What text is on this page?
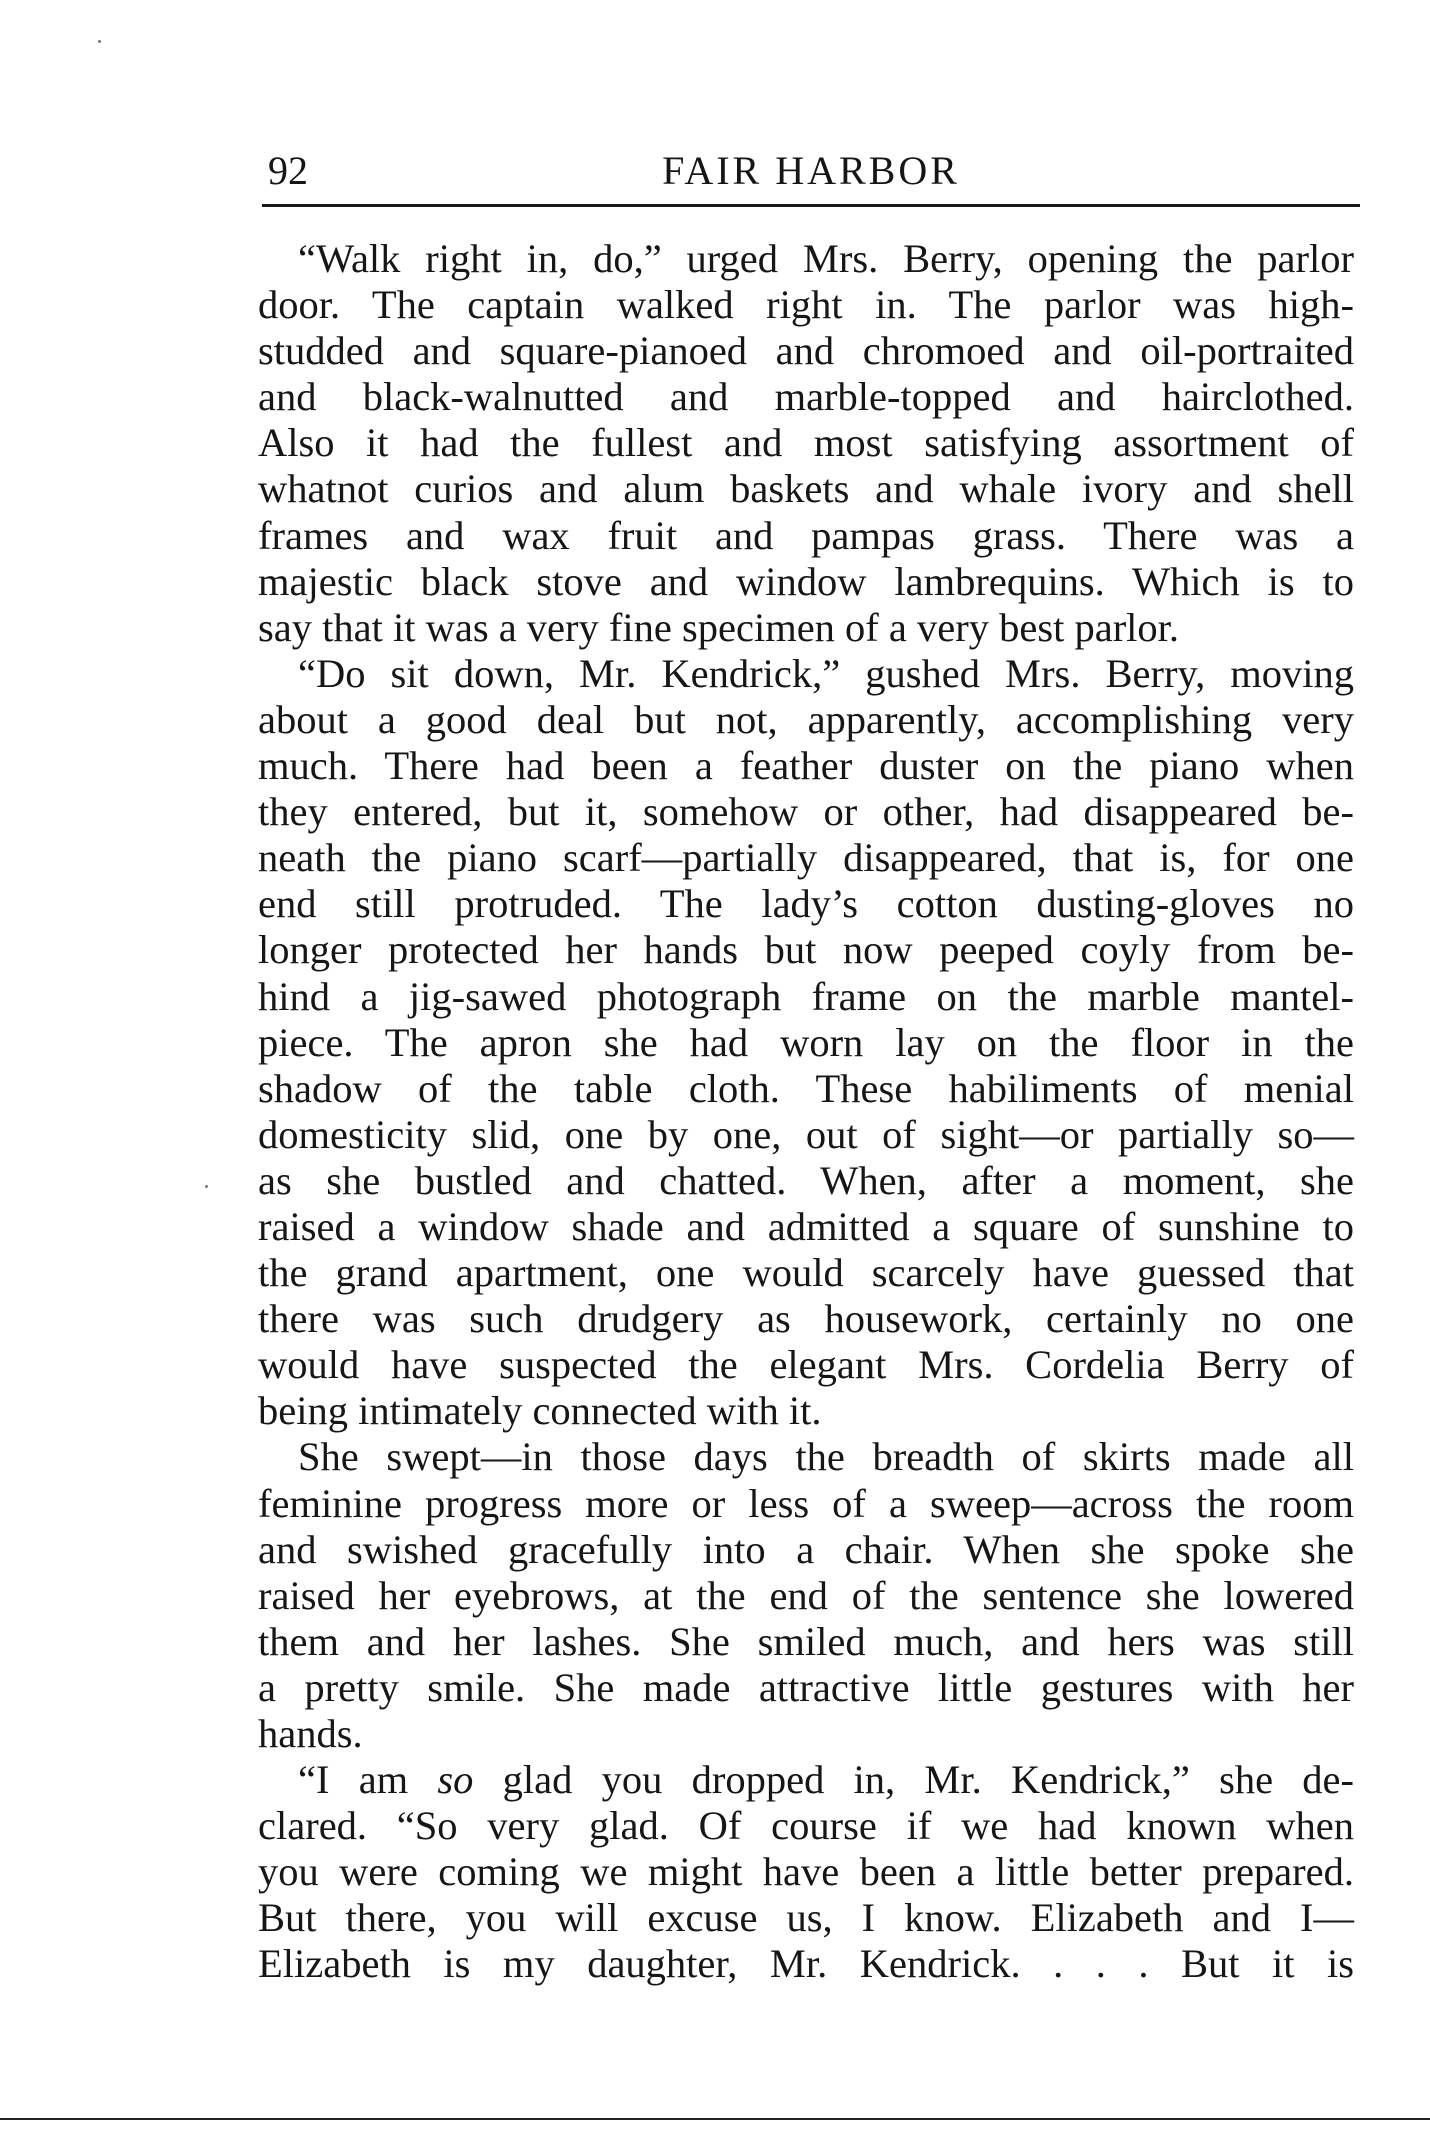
92	FAIR HARBOR
“Walk right in, do,” urged Mrs. Berry, opening the parlor
door. The captain walked right in. The parlor was high-
studded and square-pianoed and chromoed and oil-portraited
and black-walnutted and marble-topped and hairclothed.
Also it had the fullest and most satisfying assortment of
whatnot curios and alum baskets and whale ivory and shell
frames and wax fruit and pampas grass. There was a
majestic black stove and window lambrequins. Which is to
say that it was a very fine specimen of a very best parlor.
“Do sit down, Mr. Kendrick,” gushed Mrs. Berry, moving
about a good deal but not, apparently, accomplishing very
much. There had been a feather duster on the piano when
they entered, but it, somehow or other, had disappeared be-
neath the piano scarf—partially disappeared, that is, for one
end still protruded. The lady’s cotton dusting-gloves no
longer protected her hands but now peeped coyly from be-
hind a jig-sawed photograph frame on the marble mantel-
piece. The apron she had worn lay on the floor in the
shadow of the table cloth. These habiliments of menial
domesticity slid, one by one, out of sight—or partially so—
as she bustled and chatted. When, after a moment, she
raised a window shade and admitted a square of sunshine to
the grand apartment, one would scarcely have guessed that
there was such drudgery as housework, certainly no one
would have suspected the elegant Mrs. Cordelia Berry of
being intimately connected with it.
She swept—in those days the breadth of skirts made all
feminine progress more or less of a sweep—across the room
and swished gracefully into a chair. When she spoke she
raised her eyebrows, at the end of the sentence she lowered
them and her lashes. She smiled much, and hers was still
a pretty smile. She made attractive little gestures with her
hands.
“I am so glad you dropped in, Mr. Kendrick,” she de-
clared. “So very glad. Of course if we had known when
you were coming we might have been a little better prepared.
But there, you will excuse us, I know. Elizabeth and I—
Elizabeth is my daughter, Mr. Kendrick. . . . But it is
